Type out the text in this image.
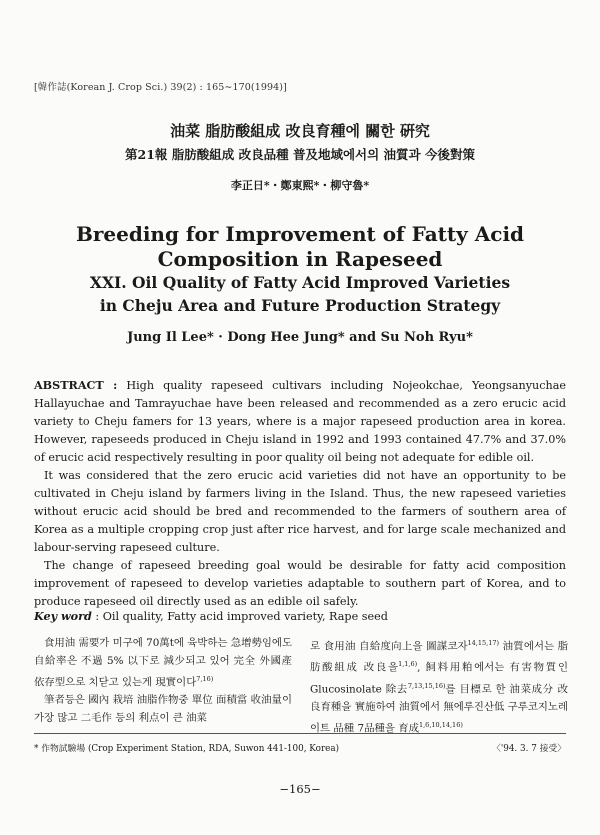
[韓作誌(Korean J. Crop Sci.) 39(2) : 165∼170(1994)]
油菜 脂肪酸組成 改良育種에 關한 硏究
第21報 脂肪酸組成 改良品種 普及地域에서의 油質과 今後對策
李正日*・鄭東熙*・柳守魯*
Breeding for Improvement of Fatty Acid
Composition in Rapeseed
XXI. Oil Quality of Fatty Acid Improved Varieties
in Cheju Area and Future Production Strategy
Jung Il Lee* · Dong Hee Jung* and Su Noh Ryu*

ABSTRACT : High quality rapeseed cultivars including Nojeokchae, Yeongsanyuchae Hallayuchae and Tamrayuchae have been released and recommended as a zero erucic acid variety to Cheju famers for 13 years, where is a major rapeseed production area in korea. However, rapeseeds produced in Cheju island in 1992 and 1993 contained 47.7% and 37.0% of erucic acid respectively resulting in poor quality oil being not adequate for edible oil.

It was considered that the zero erucic acid varieties did not have an opportunity to be cultivated in Cheju island by farmers living in the Island. Thus, the new rapeseed varieties without erucic acid should be bred and recommended to the farmers of southern area of Korea as a multiple cropping crop just after rice harvest, and for large scale mechanized and labour-serving rapeseed culture.

The change of rapeseed breeding goal would be desirable for fatty acid composition improvement of rapeseed to develop varieties adaptable to southern part of Korea, and to produce rapeseed oil directly used as an edible oil safely.

Key word : Oil quality, Fatty acid improved variety, Rape seed

食用油 需要가 미구에 70萬t에 육박하는 急增勢임에도 自給率은 不過 5% 以下로 減少되고 있어 完全 外國產 依存型으로 치닫고 있는게 現實이다$^{7,16)}$

筆者등은 國內 栽培 油脂作物중 單位 面積當 收油量이 가장 많고 二毛作 등의 利点이 큰 油菜

로 食用油 自給度向上을 圖謀코자$^{14,15,17)}$ 油質에서는 脂肪酸組成 改良을$^{1,1,6)}$, 飼料用粕에서는 有害物質인 Glucosinolate 除去$^{7,13,15,16)}$를 目標로 한 油菜成分 改良育種을 實施하여 油質에서 無에루진산低 구루코지노레이트 品種 7品種을 育成$^{1,6,10,14,16)}$

* 作物試驗場 (Crop Experiment Station, RDA, Suwon 441-100, Korea)	〈'94. 3. 7 接受〉
−165−
